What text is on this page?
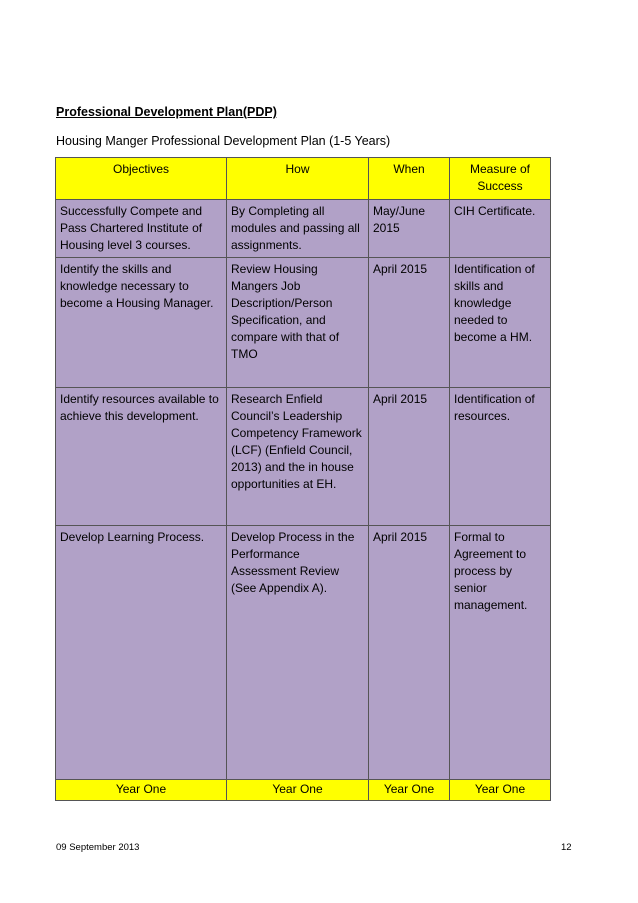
Professional Development Plan(PDP)
Housing Manger Professional Development Plan (1-5 Years)
Objectives	How	When	Measure of Success
Successfully Compete and Pass Chartered Institute of Housing level 3 courses.	By Completing all modules and passing all assignments.	May/June 2015	CIH Certificate.
Identify the skills and knowledge necessary to become a Housing Manager.	Review Housing Mangers Job Description/Person Specification, and compare with that of TMO	April 2015	Identification of skills and knowledge needed to become a HM.
Identify resources available to achieve this development.	Research Enfield Council’s Leadership Competency Framework (LCF) (Enfield Council, 2013) and the in house opportunities at EH.	April 2015	Identification of resources.
Develop Learning Process.	Develop Process in the Performance Assessment Review (See Appendix A).	April 2015	Formal to Agreement to process by senior management.
Year One	Year One	Year One	Year One
09 September 2013	12
